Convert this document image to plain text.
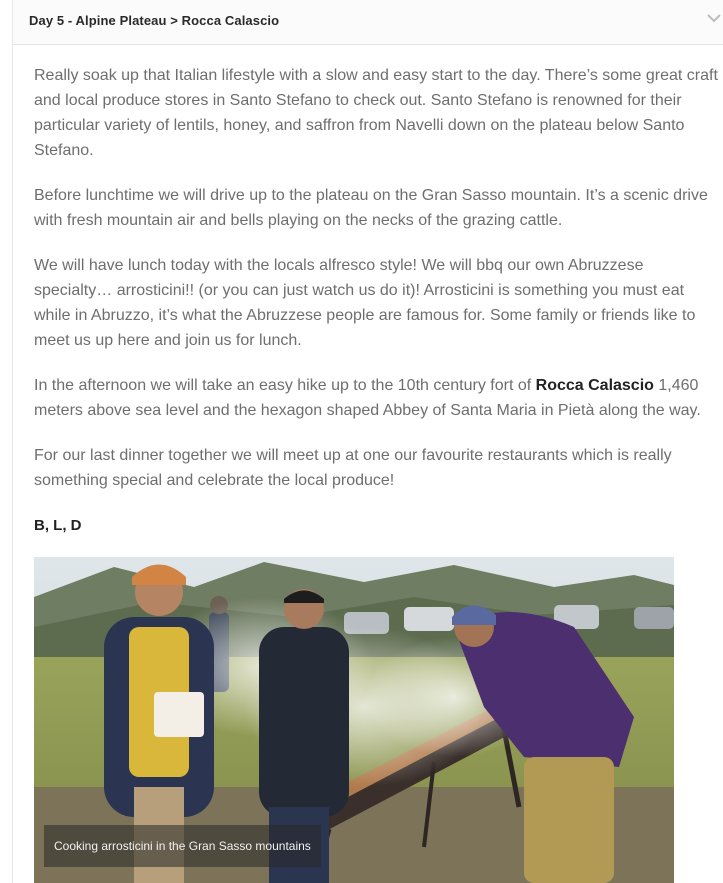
Day 5 - Alpine Plateau > Rocca Calascio

Really soak up that Italian lifestyle with a slow and easy start to the day. There’s some great craft and local produce stores in Santo Stefano to check out. Santo Stefano is renowned for their particular variety of lentils, honey, and saffron from Navelli down on the plateau below Santo Stefano.

Before lunchtime we will drive up to the plateau on the Gran Sasso mountain. It’s a scenic drive with fresh mountain air and bells playing on the necks of the grazing cattle.

We will have lunch today with the locals alfresco style! We will bbq our own Abruzzese specialty… arrosticini!! (or you can just watch us do it)! Arrosticini is something you must eat while in Abruzzo, it’s what the Abruzzese people are famous for. Some family or friends like to meet us up here and join us for lunch.

In the afternoon we will take an easy hike up to the 10th century fort of Rocca Calascio 1,460 meters above sea level and the hexagon shaped Abbey of Santa Maria in Pietà along the way.

For our last dinner together we will meet up at one our favourite restaurants which is really something special and celebrate the local produce!

B, L, D

Cooking arrosticini in the Gran Sasso mountains
